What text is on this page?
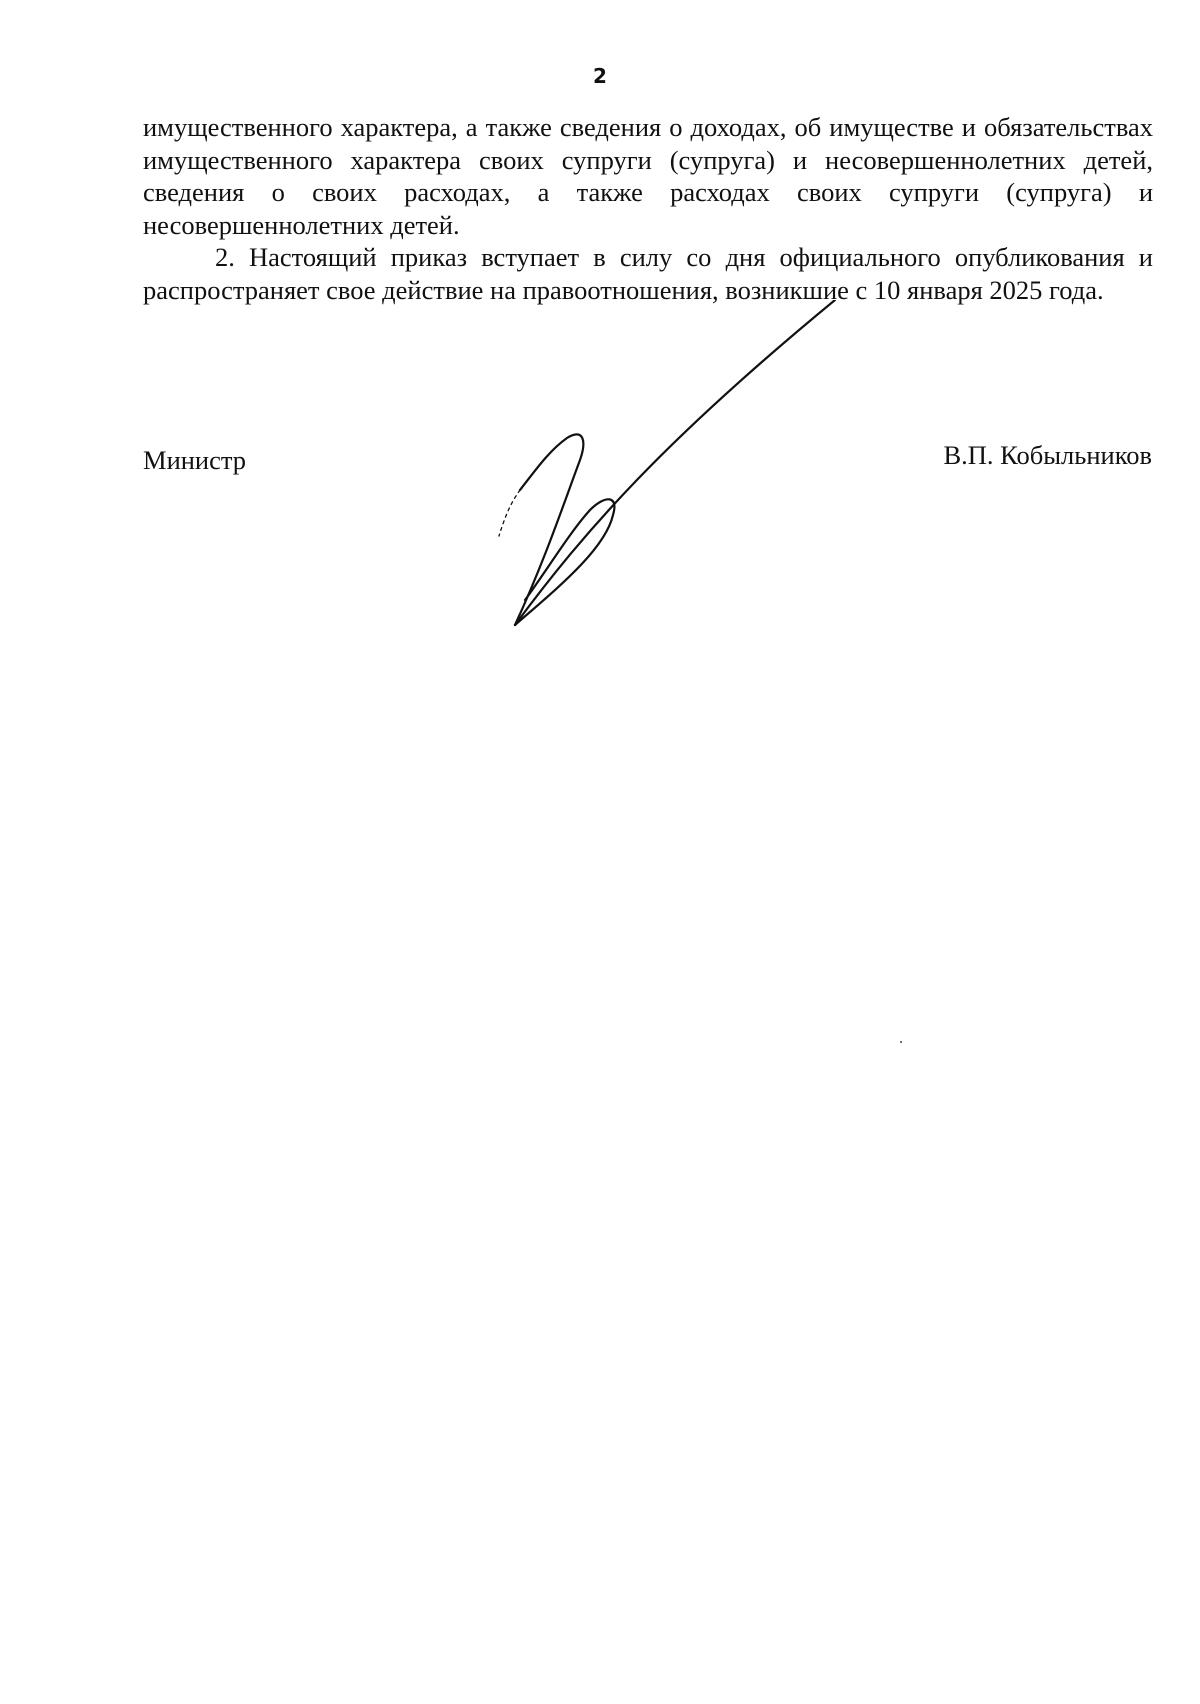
2

имущественного характера, а также сведения о доходах, об имуществе и обязательствах имущественного характера своих супруги (супруга) и несовершеннолетних детей, сведения о своих расходах, а также расходах своих супруги (супруга) и несовершеннолетних детей.

2. Настоящий приказ вступает в силу со дня официального опубликования и распространяет свое действие на правоотношения, возникшие с 10 января 2025 года.

Министр	В.П. Кобыльников
